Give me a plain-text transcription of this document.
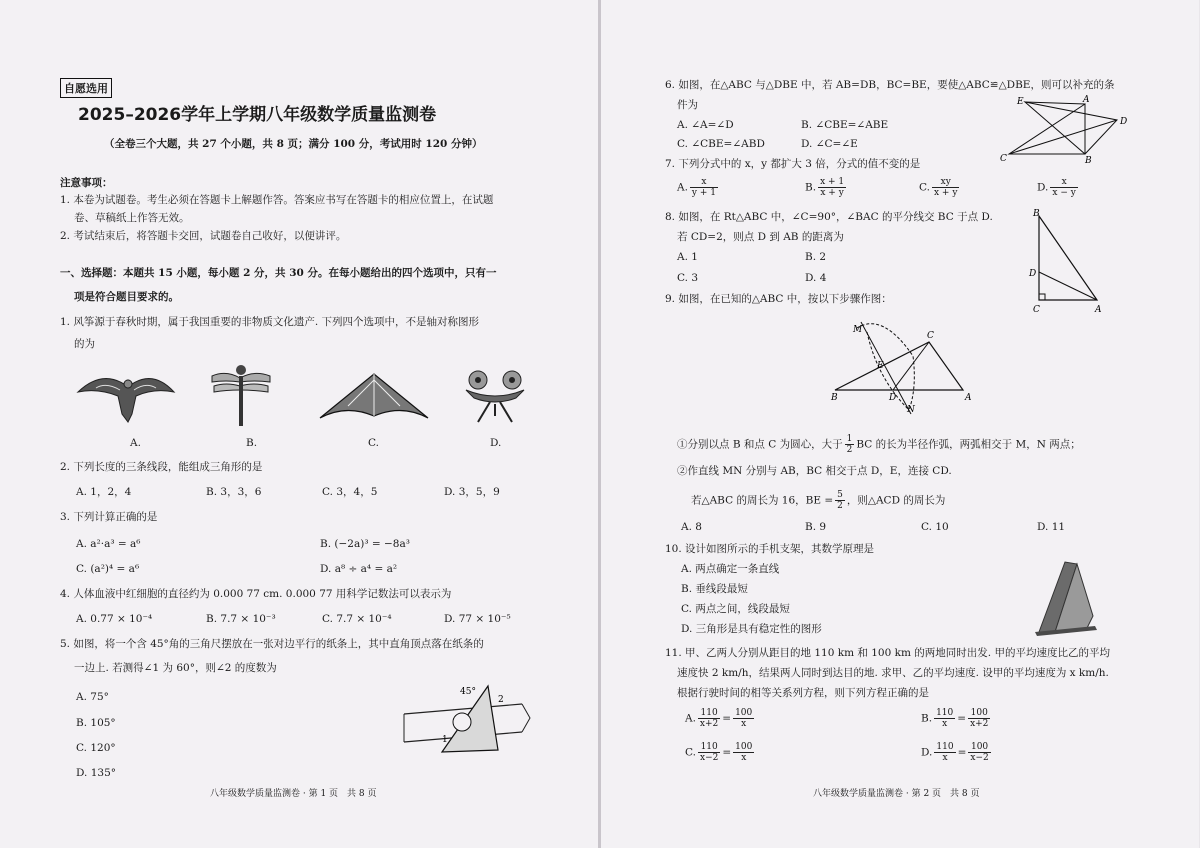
自愿选用
2025–2026学年上学期八年级数学质量监测卷
（全卷三个大题，共 27 个小题，共 8 页；满分 100 分，考试用时 120 分钟）
注意事项：
1. 本卷为试题卷。考生必须在答题卡上解题作答。答案应书写在答题卡的相应位置上，在试题
卷、草稿纸上作答无效。
2. 考试结束后，将答题卡交回，试题卷自己收好，以便讲评。
一、选择题：本题共 15 小题，每小题 2 分，共 30 分。在每小题给出的四个选项中，只有一
项是符合题目要求的。
1. 风筝源于春秋时期，属于我国重要的非物质文化遗产. 下列四个选项中，不是轴对称图形
的为
A.	B.	C.	D.
2. 下列长度的三条线段，能组成三角形的是
A. 1，2，4	B. 3，3，6	C. 3，4，5	D. 3，5，9
3. 下列计算正确的是
A. a²·a³ = a⁶	B. (−2a)³ = −8a³
C. (a²)⁴ = a⁶	D. a⁸ ÷ a⁴ = a²
4. 人体血液中红细胞的直径约为 0.000 77 cm. 0.000 77 用科学记数法可以表示为
A. 0.77 × 10⁻⁴	B. 7.7 × 10⁻³	C. 7.7 × 10⁻⁴	D. 77 × 10⁻⁵
5. 如图，将一个含 45°角的三角尺摆放在一张对边平行的纸条上，其中直角顶点落在纸条的
一边上. 若测得∠1 为 60°，则∠2 的度数为
A. 75°
B. 105°
C. 120°
D. 135°
45°
2
1
八年级数学质量监测卷 · 第 1 页　共 8 页
6. 如图，在△ABC 与△DBE 中，若 AB=DB，BC=BE，要使△ABC≌△DBE，则可以补充的条
件为
A. ∠A=∠D	B. ∠CBE=∠ABE
C. ∠CBE=∠ABD	D. ∠C=∠E
E	A
D
C	B
7. 下列分式中的 x，y 都扩大 3 倍，分式的值不变的是
A. $\frac{x}{y + 1}$	B. $\frac{x + 1}{x + y}$	C. $\frac{xy}{x + y}$	D. $\frac{x}{x - y}$
8. 如图，在 Rt△ABC 中，∠C=90°，∠BAC 的平分线交 BC 于点 D.
若 CD=2，则点 D 到 AB 的距离为
A. 1	B. 2
C. 3	D. 4
B
D
C	A
9. 如图，在已知的△ABC 中，按以下步骤作图：
M
C
E
B	D
N
A
①分别以点 B 和点 C 为圆心，大于 $\frac{1}{2}$ BC 的长为半径作弧，两弧相交于 M，N 两点；
②作直线 MN 分别与 AB，BC 相交于点 D，E，连接 CD.
若△ABC 的周长为 16，BE = $\frac{5}{2}$ ，则△ACD 的周长为
A. 8	B. 9	C. 10	D. 11
10. 设计如图所示的手机支架，其数学原理是
A. 两点确定一条直线
B. 垂线段最短
C. 两点之间，线段最短
D. 三角形是具有稳定性的图形
11. 甲、乙两人分别从距目的地 110 km 和 100 km 的两地同时出发. 甲的平均速度比乙的平均
速度快 2 km/h，结果两人同时到达目的地. 求甲、乙的平均速度. 设甲的平均速度为 x km/h.
根据行驶时间的相等关系列方程，则下列方程正确的是
A. $\frac{110}{x+2} = \frac{100}{x}$	B. $\frac{110}{x} = \frac{100}{x+2}$
C. $\frac{110}{x-2} = \frac{100}{x}$	D. $\frac{110}{x} = \frac{100}{x-2}$
八年级数学质量监测卷 · 第 2 页　共 8 页
